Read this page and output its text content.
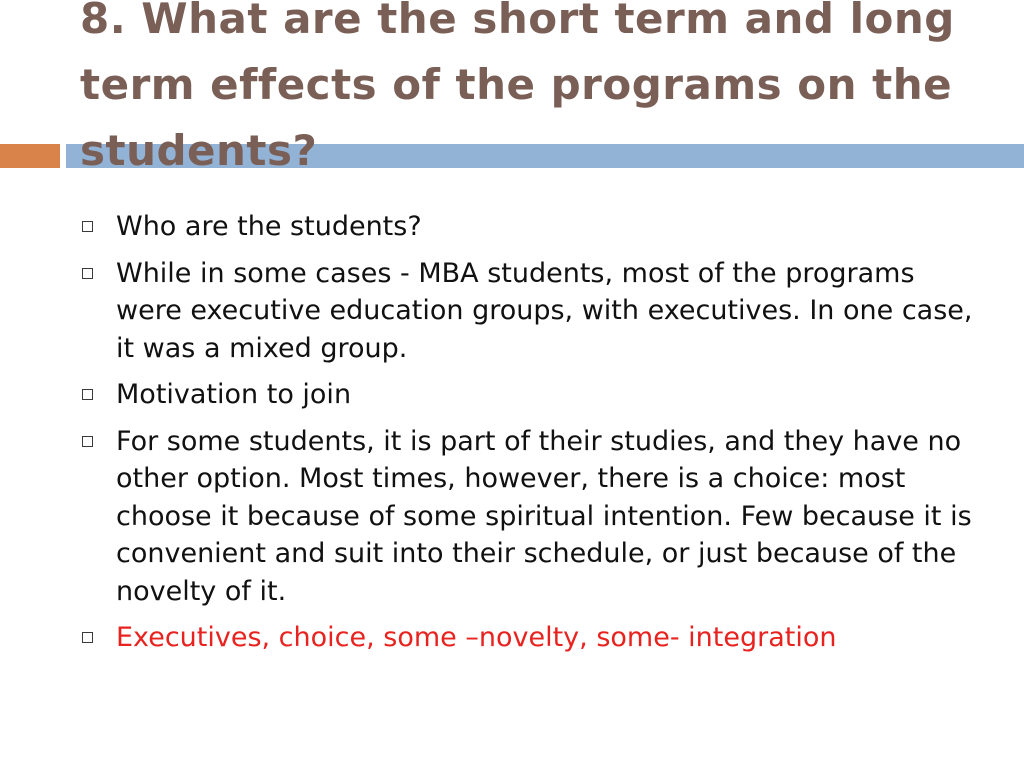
8. What are the short term and long term effects of the programs on the students?
Who are the students?
While in some cases - MBA students, most of the programs were executive education groups, with executives. In one case, it was a mixed group.
Motivation to join
For some students, it is part of their studies, and they have no other option. Most times, however, there is a choice: most choose it because of some spiritual intention. Few because it is convenient and suit into their schedule, or just because of the novelty of it.
Executives, choice, some –novelty, some- integration
